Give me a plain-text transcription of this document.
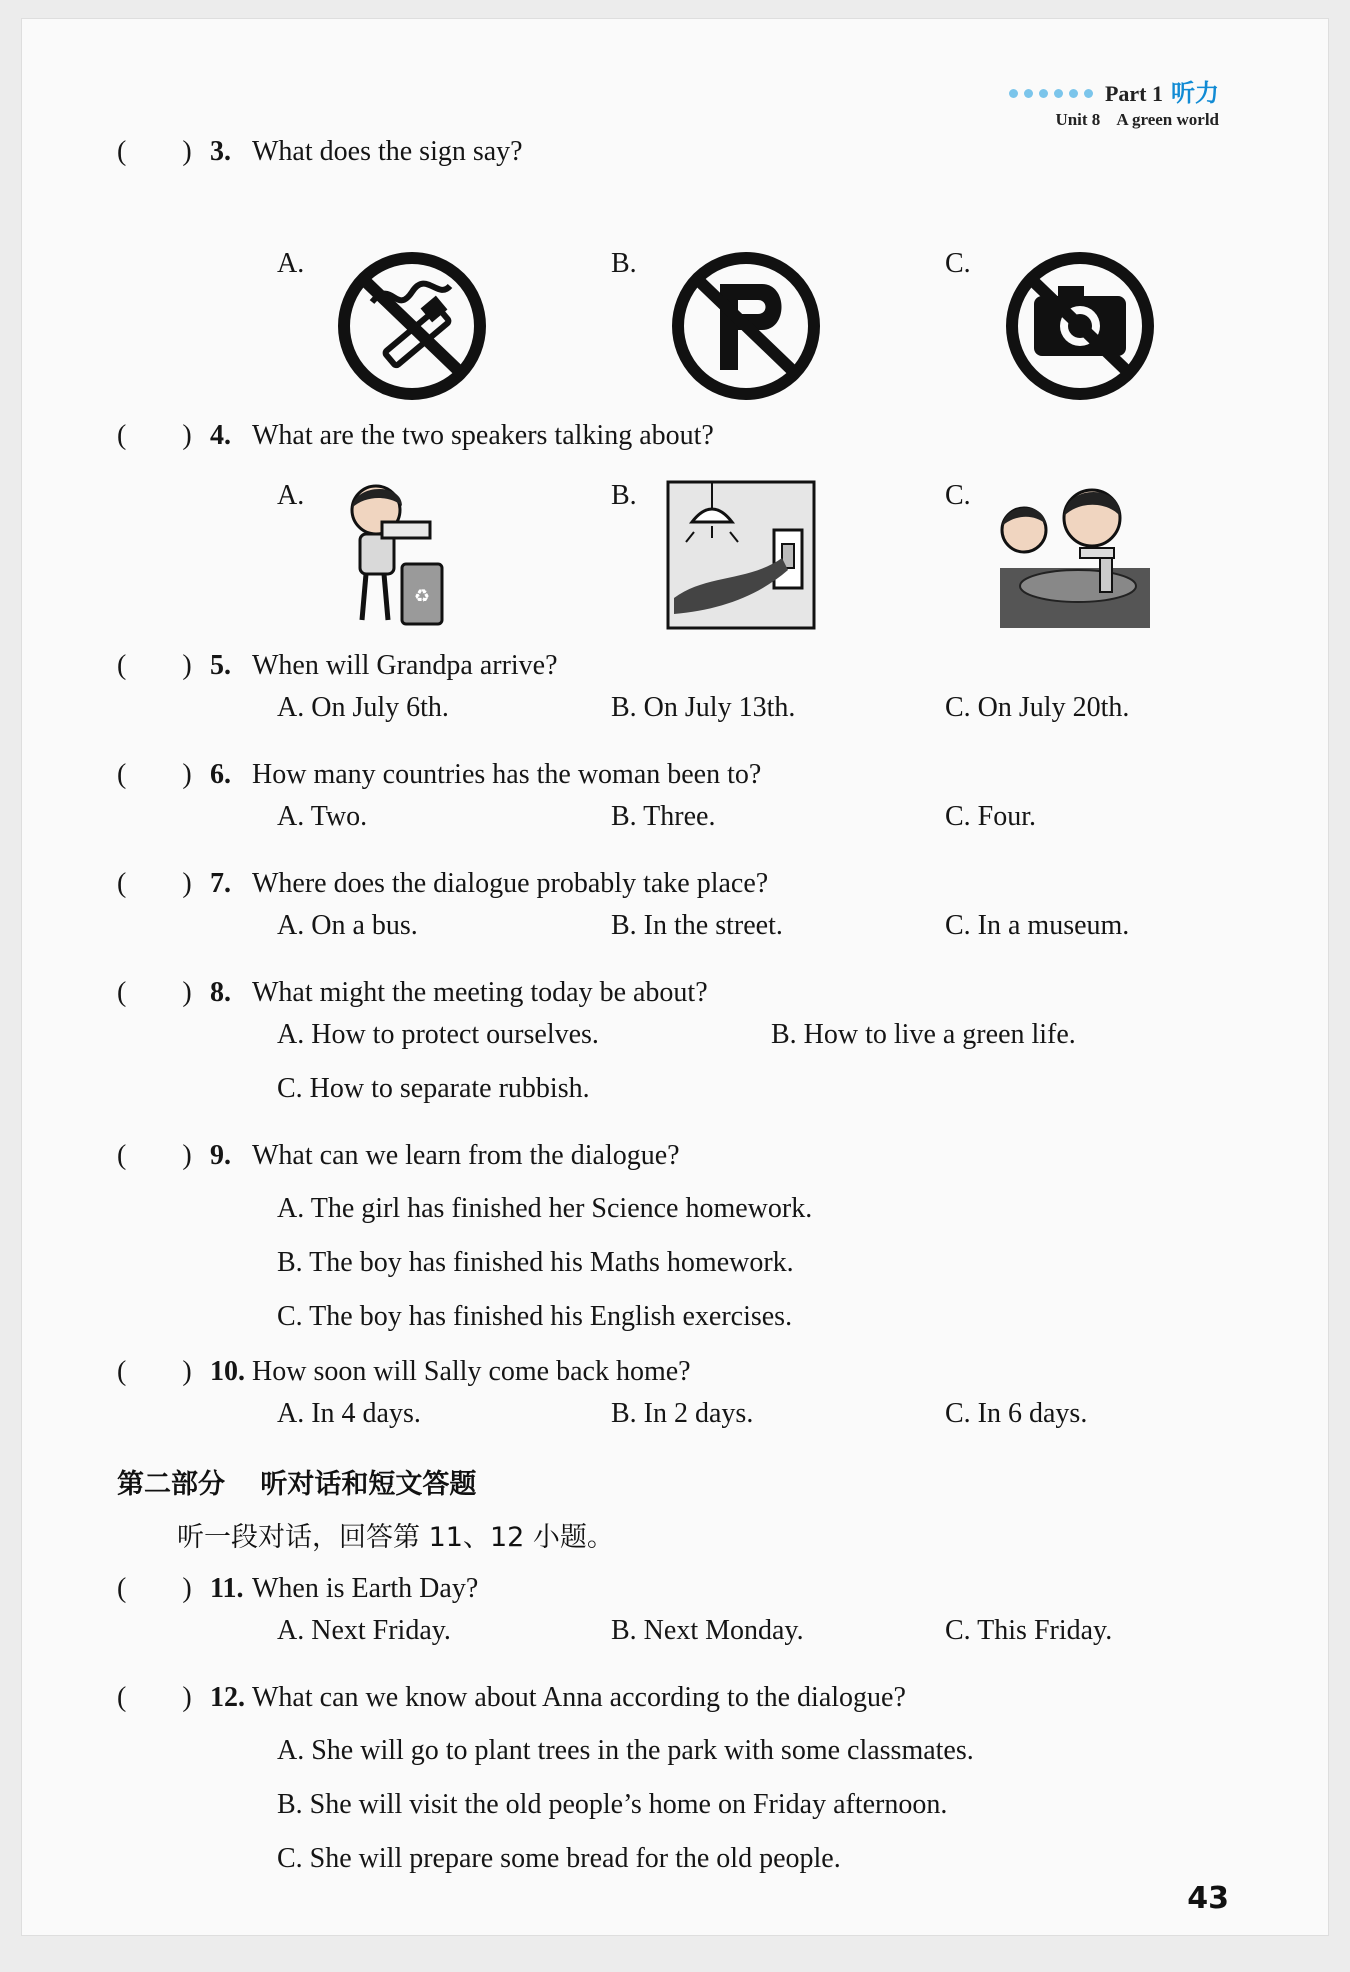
Part 1 听力
Unit 8 A green world
(        ) 3. What does the sign say?
A.	B.	C.
(        ) 4. What are the two speakers talking about?
A.
♻
B.	C.
(        ) 5. When will Grandpa arrive?
A. On July 6th.	B. On July 13th.	C. On July 20th.
(        ) 6. How many countries has the woman been to?
A. Two.	B. Three.	C. Four.
(        ) 7. Where does the dialogue probably take place?
A. On a bus.	B. In the street.	C. In a museum.
(        ) 8. What might the meeting today be about?
A. How to protect ourselves.	B. How to live a green life.
C. How to separate rubbish.
(        ) 9. What can we learn from the dialogue?
A. The girl has finished her Science homework.
B. The boy has finished his Maths homework.
C. The boy has finished his English exercises.
(        ) 10. How soon will Sally come back home?
A. In 4 days.	B. In 2 days.	C. In 6 days.
第二部分 听对话和短文答题
听一段对话，回答第 11、12 小题。
(        ) 11. When is Earth Day?
A. Next Friday.	B. Next Monday.	C. This Friday.
(        ) 12. What can we know about Anna according to the dialogue?
A. She will go to plant trees in the park with some classmates.
B. She will visit the old people’s home on Friday afternoon.
C. She will prepare some bread for the old people.
43
